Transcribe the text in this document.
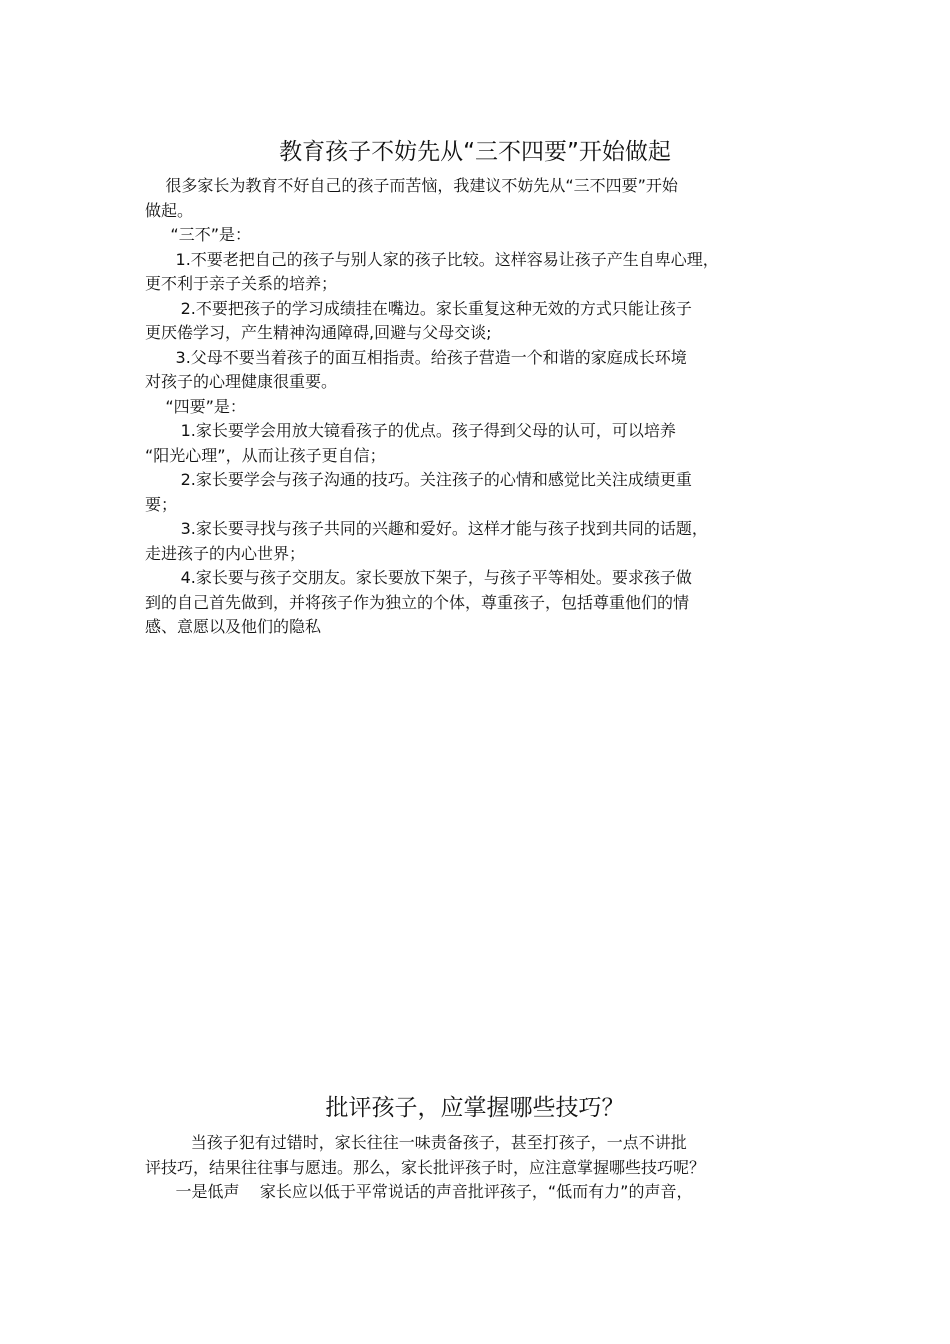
教育孩子不妨先从“三不四要”开始做起
很多家长为教育不好自己的孩子而苦恼，我建议不妨先从“三不四要”开始
做起。
“三不”是：
1.不要老把自己的孩子与别人家的孩子比较。这样容易让孩子产生自卑心理，
更不利于亲子关系的培养；
2.不要把孩子的学习成绩挂在嘴边。家长重复这种无效的方式只能让孩子
更厌倦学习，产生精神沟通障碍,回避与父母交谈;
3.父母不要当着孩子的面互相指责。给孩子营造一个和谐的家庭成长环境
对孩子的心理健康很重要。
“四要”是：
1.家长要学会用放大镜看孩子的优点。孩子得到父母的认可，可以培养
“阳光心理”，从而让孩子更自信；
2.家长要学会与孩子沟通的技巧。关注孩子的心情和感觉比关注成绩更重
要；
3.家长要寻找与孩子共同的兴趣和爱好。这样才能与孩子找到共同的话题，
走进孩子的内心世界；
4.家长要与孩子交朋友。家长要放下架子，与孩子平等相处。要求孩子做
到的自己首先做到，并将孩子作为独立的个体，尊重孩子，包括尊重他们的情
感、意愿以及他们的隐私
批评孩子，应掌握哪些技巧？
当孩子犯有过错时，家长往往一味责备孩子，甚至打孩子，一点不讲批
评技巧，结果往往事与愿违。那么，家长批评孩子时，应注意掌握哪些技巧呢？
一是低声    家长应以低于平常说话的声音批评孩子，“低而有力”的声音，
